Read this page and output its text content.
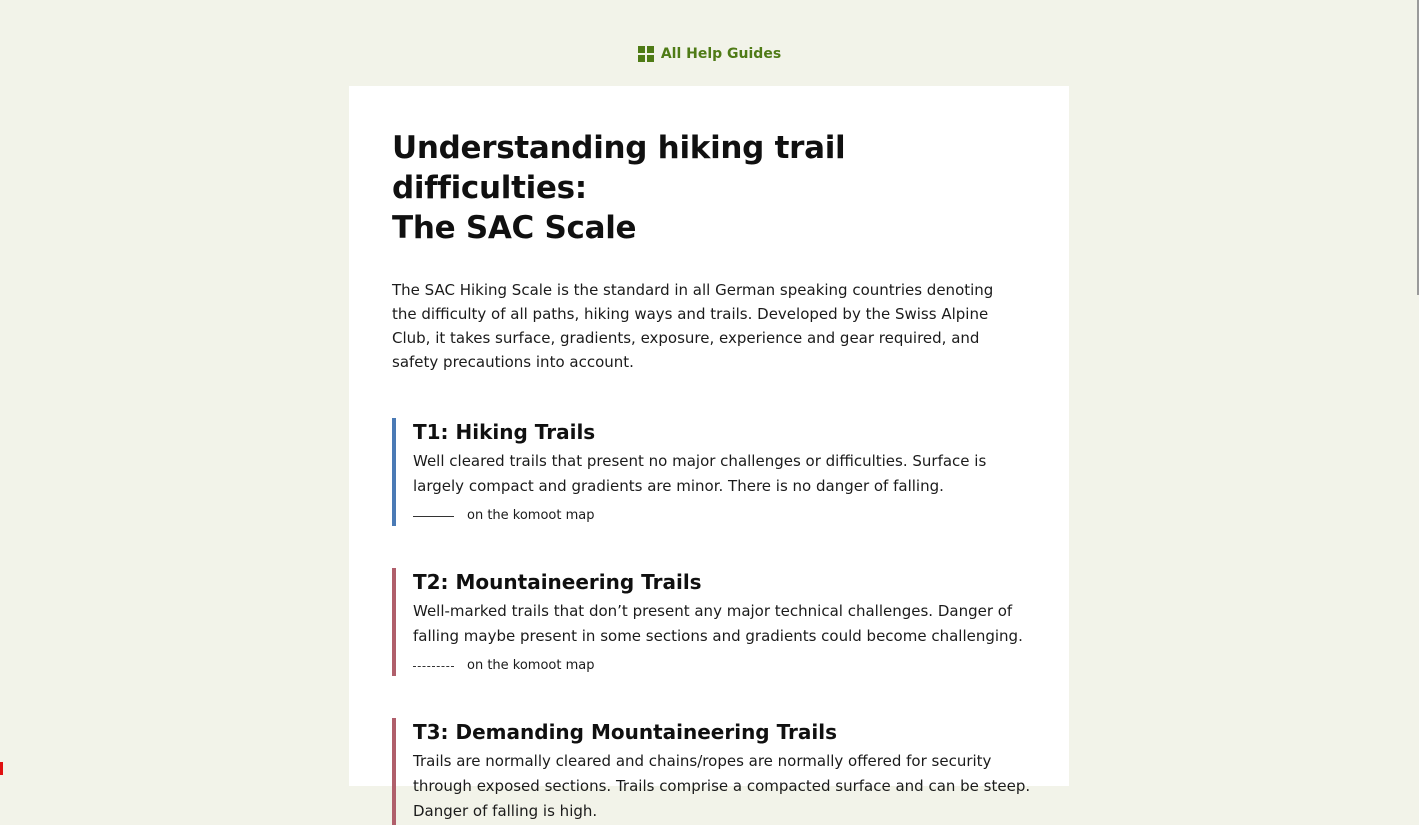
All Help Guides
Understanding hiking trail difficulties:
The SAC Scale

The SAC Hiking Scale is the standard in all German speaking countries denoting the difficulty of all paths, hiking ways and trails. Developed by the Swiss Alpine Club, it takes surface, gradients, exposure, experience and gear required, and safety precautions into account.

T1: Hiking Trails

Well cleared trails that present no major challenges or difficulties. Surface is largely compact and gradients are minor. There is no danger of falling.

on the komoot map
T2: Mountaineering Trails

Well-marked trails that don’t present any major technical challenges. Danger of falling maybe present in some sections and gradients could become challenging.

on the komoot map
T3: Demanding Mountaineering Trails

Trails are normally cleared and chains/ropes are normally offered for security through exposed sections. Trails comprise a compacted surface and can be steep. Danger of falling is high.
